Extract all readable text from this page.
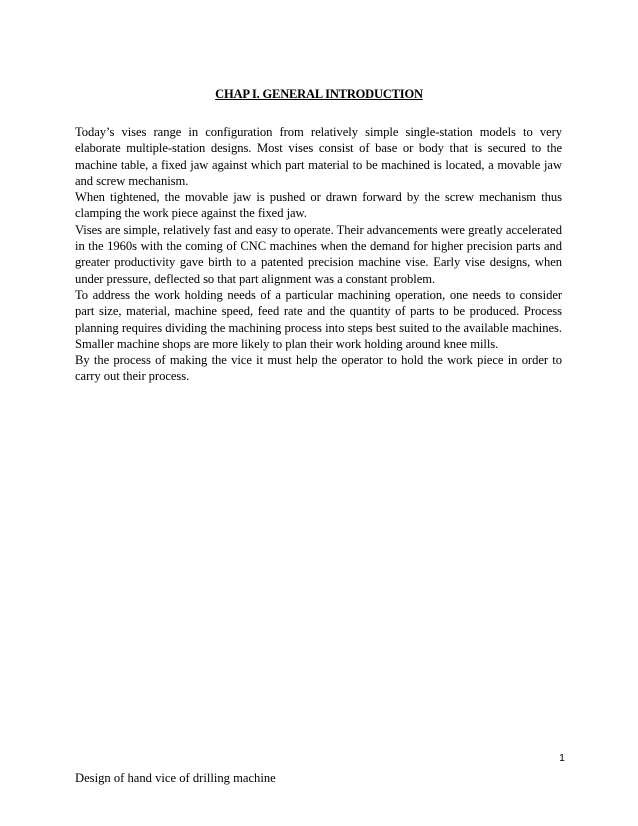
CHAP I. GENERAL INTRODUCTION

Today’s vises range in configuration from relatively simple single-station models to very elaborate multiple-station designs. Most vises consist of base or body that is secured to the machine table, a fixed jaw against which part material to be machined is located, a movable jaw and screw mechanism.

When tightened, the movable jaw is pushed or drawn forward by the screw mechanism thus clamping the work piece against the fixed jaw.

Vises are simple, relatively fast and easy to operate. Their advancements were greatly accelerated in the 1960s with the coming of CNC machines when the demand for higher precision parts and greater productivity gave birth to a patented precision machine vise. Early vise designs, when under pressure, deflected so that part alignment was a constant problem.

To address the work holding needs of a particular machining operation, one needs to consider part size, material, machine speed, feed rate and the quantity of parts to be produced. Process planning requires dividing the machining process into steps best suited to the available machines. Smaller machine shops are more likely to plan their work holding around knee mills.

By the process of making the vice it must help the operator to hold the work piece in order to carry out their process.

1
Design of hand vice of drilling machine
